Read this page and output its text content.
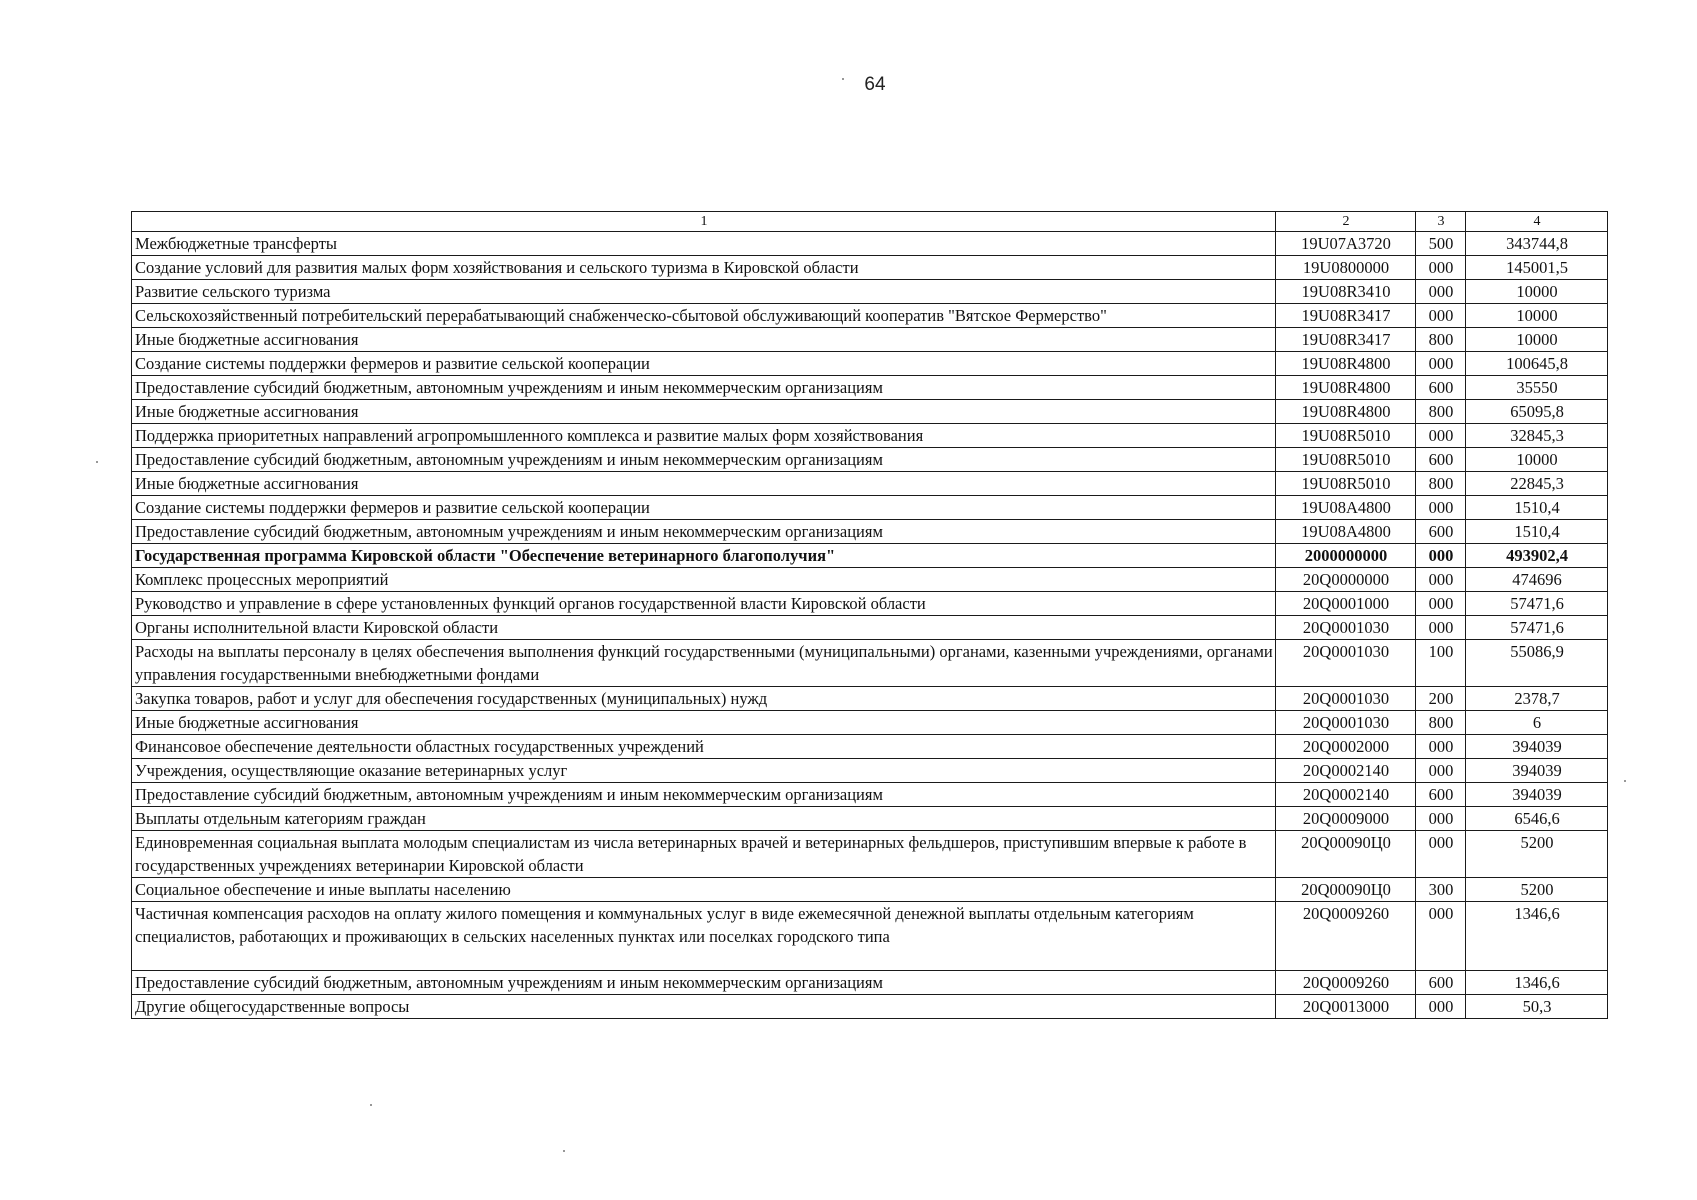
64
1	2	3	4
Межбюджетные трансферты	19U07A3720	500	343744,8
Создание условий для развития малых форм хозяйствования и сельского туризма в Кировской области	19U0800000	000	145001,5
Развитие сельского туризма	19U08R3410	000	10000
Сельскохозяйственный потребительский перерабатывающий снабженческо-сбытовой обслуживающий кооператив "Вятское Фермерство"	19U08R3417	000	10000
Иные бюджетные ассигнования	19U08R3417	800	10000
Создание системы поддержки фермеров и развитие сельской кооперации	19U08R4800	000	100645,8
Предоставление субсидий бюджетным, автономным учреждениям и иным некоммерческим организациям	19U08R4800	600	35550
Иные бюджетные ассигнования	19U08R4800	800	65095,8
Поддержка приоритетных направлений агропромышленного комплекса и развитие малых форм хозяйствования	19U08R5010	000	32845,3
Предоставление субсидий бюджетным, автономным учреждениям и иным некоммерческим организациям	19U08R5010	600	10000
Иные бюджетные ассигнования	19U08R5010	800	22845,3
Создание системы поддержки фермеров и развитие сельской кооперации	19U08A4800	000	1510,4
Предоставление субсидий бюджетным, автономным учреждениям и иным некоммерческим организациям	19U08A4800	600	1510,4
Государственная программа Кировской области "Обеспечение ветеринарного благополучия"	2000000000	000	493902,4
Комплекс процессных мероприятий	20Q0000000	000	474696
Руководство и управление в сфере установленных функций органов государственной власти Кировской области	20Q0001000	000	57471,6
Органы исполнительной власти Кировской области	20Q0001030	000	57471,6
Расходы на выплаты персоналу в целях обеспечения выполнения функций государственными (муниципальными) органами, казенными учреждениями, органами управления государственными внебюджетными фондами	20Q0001030	100	55086,9
Закупка товаров, работ и услуг для обеспечения государственных (муниципальных) нужд	20Q0001030	200	2378,7
Иные бюджетные ассигнования	20Q0001030	800	6
Финансовое обеспечение деятельности областных государственных учреждений	20Q0002000	000	394039
Учреждения, осуществляющие оказание ветеринарных услуг	20Q0002140	000	394039
Предоставление субсидий бюджетным, автономным учреждениям и иным некоммерческим организациям	20Q0002140	600	394039
Выплаты отдельным категориям граждан	20Q0009000	000	6546,6
Единовременная социальная выплата молодым специалистам из числа ветеринарных врачей и ветеринарных фельдшеров, приступившим впервые к работе в государственных учреждениях ветеринарии Кировской области	20Q00090Ц0	000	5200
Социальное обеспечение и иные выплаты населению	20Q00090Ц0	300	5200
Частичная компенсация расходов на оплату жилого помещения и коммунальных услуг в виде ежемесячной денежной выплаты отдельным категориям специалистов, работающих и проживающих в сельских населенных пунктах или поселках городского типа	20Q0009260	000	1346,6
Предоставление субсидий бюджетным, автономным учреждениям и иным некоммерческим организациям	20Q0009260	600	1346,6
Другие общегосударственные вопросы	20Q0013000	000	50,3
